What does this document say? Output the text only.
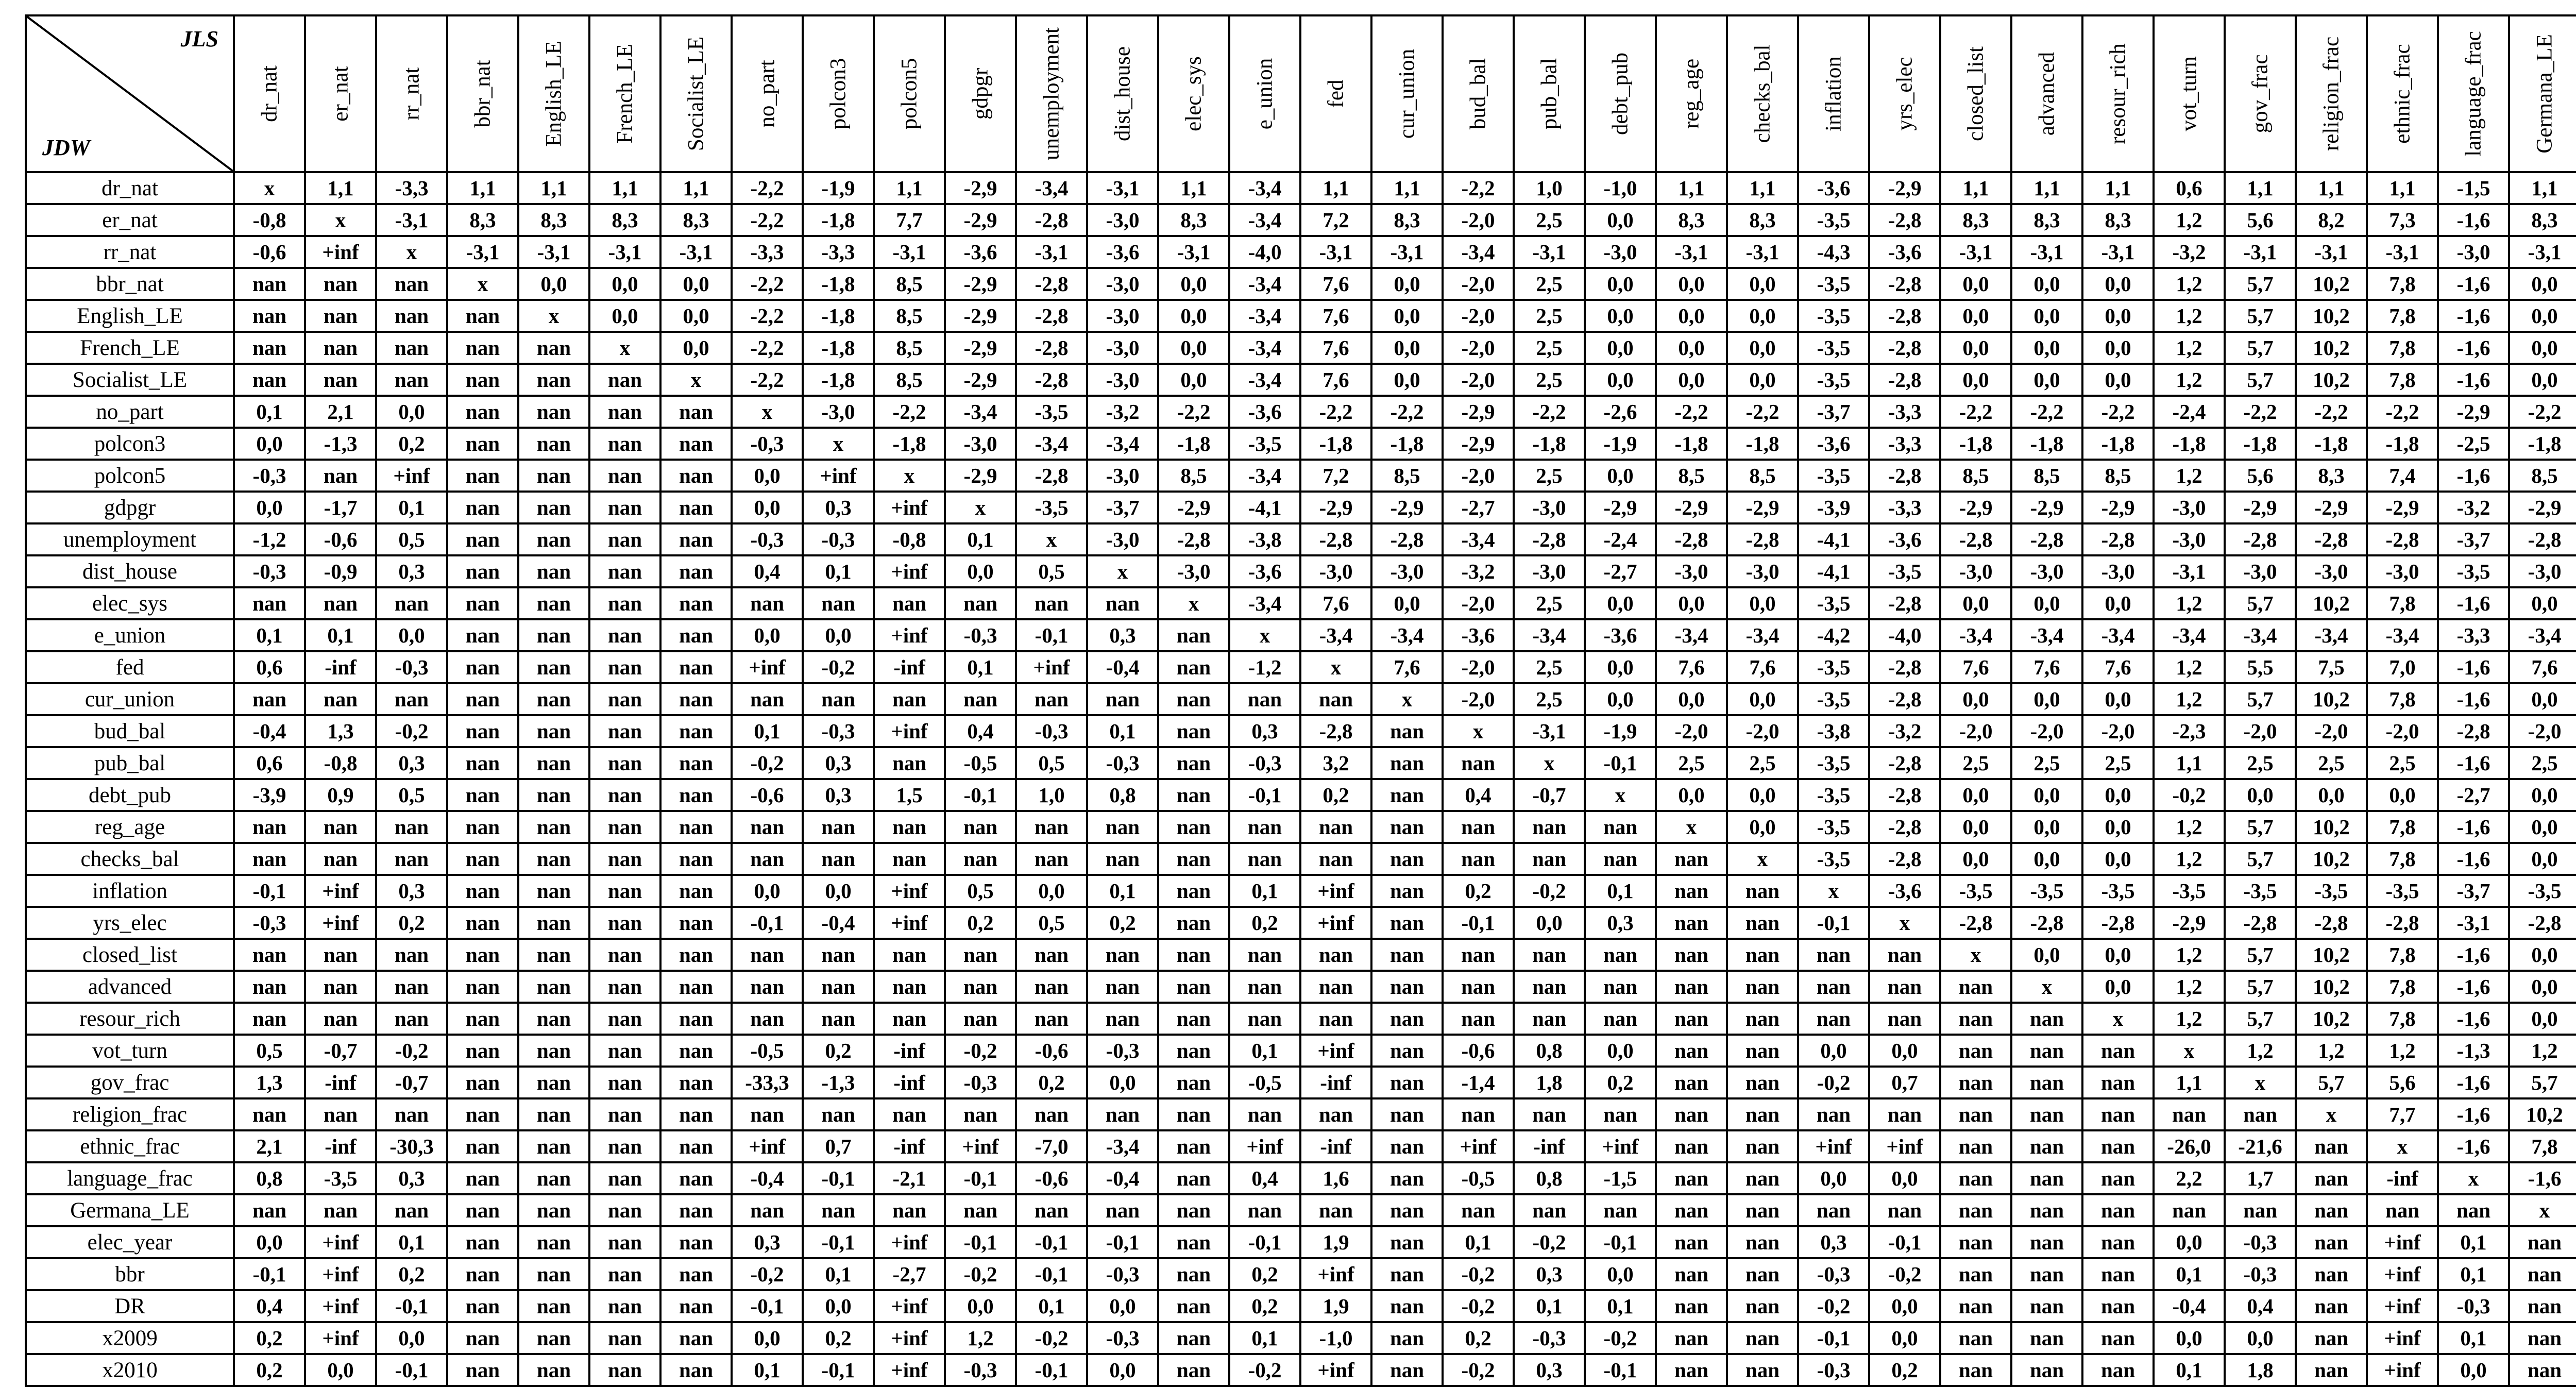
JLS
JDW	dr_nat	er_nat	rr_nat	bbr_nat	English_LE	French_LE	Socialist_LE	no_part	polcon3	polcon5	gdpgr	unemployment	dist_house	elec_sys	e_union	fed	cur_union	bud_bal	pub_bal	debt_pub	reg_age	checks_bal	inflation	yrs_elec	closed_list	advanced	resour_rich	vot_turn	gov_frac	religion_frac	ethnic_frac	language_frac	Germana_LE

dr_nat	x	1,1	-3,3	1,1	1,1	1,1	1,1	-2,2	-1,9	1,1	-2,9	-3,4	-3,1	1,1	-3,4	1,1	1,1	-2,2	1,0	-1,0	1,1	1,1	-3,6	-2,9	1,1	1,1	1,1	0,6	1,1	1,1	1,1	-1,5	1,1					
er_nat	-0,8	x	-3,1	8,3	8,3	8,3	8,3	-2,2	-1,8	7,7	-2,9	-2,8	-3,0	8,3	-3,4	7,2	8,3	-2,0	2,5	0,0	8,3	8,3	-3,5	-2,8	8,3	8,3	8,3	1,2	5,6	8,2	7,3	-1,6	8,3					
rr_nat	-0,6	+inf	x	-3,1	-3,1	-3,1	-3,1	-3,3	-3,3	-3,1	-3,6	-3,1	-3,6	-3,1	-4,0	-3,1	-3,1	-3,4	-3,1	-3,0	-3,1	-3,1	-4,3	-3,6	-3,1	-3,1	-3,1	-3,2	-3,1	-3,1	-3,1	-3,0	-3,1					
bbr_nat	nan	nan	nan	x	0,0	0,0	0,0	-2,2	-1,8	8,5	-2,9	-2,8	-3,0	0,0	-3,4	7,6	0,0	-2,0	2,5	0,0	0,0	0,0	-3,5	-2,8	0,0	0,0	0,0	1,2	5,7	10,2	7,8	-1,6	0,0					
English_LE	nan	nan	nan	nan	x	0,0	0,0	-2,2	-1,8	8,5	-2,9	-2,8	-3,0	0,0	-3,4	7,6	0,0	-2,0	2,5	0,0	0,0	0,0	-3,5	-2,8	0,0	0,0	0,0	1,2	5,7	10,2	7,8	-1,6	0,0					
French_LE	nan	nan	nan	nan	nan	x	0,0	-2,2	-1,8	8,5	-2,9	-2,8	-3,0	0,0	-3,4	7,6	0,0	-2,0	2,5	0,0	0,0	0,0	-3,5	-2,8	0,0	0,0	0,0	1,2	5,7	10,2	7,8	-1,6	0,0					
Socialist_LE	nan	nan	nan	nan	nan	nan	x	-2,2	-1,8	8,5	-2,9	-2,8	-3,0	0,0	-3,4	7,6	0,0	-2,0	2,5	0,0	0,0	0,0	-3,5	-2,8	0,0	0,0	0,0	1,2	5,7	10,2	7,8	-1,6	0,0					
no_part	0,1	2,1	0,0	nan	nan	nan	nan	x	-3,0	-2,2	-3,4	-3,5	-3,2	-2,2	-3,6	-2,2	-2,2	-2,9	-2,2	-2,6	-2,2	-2,2	-3,7	-3,3	-2,2	-2,2	-2,2	-2,4	-2,2	-2,2	-2,2	-2,9	-2,2					
polcon3	0,0	-1,3	0,2	nan	nan	nan	nan	-0,3	x	-1,8	-3,0	-3,4	-3,4	-1,8	-3,5	-1,8	-1,8	-2,9	-1,8	-1,9	-1,8	-1,8	-3,6	-3,3	-1,8	-1,8	-1,8	-1,8	-1,8	-1,8	-1,8	-2,5	-1,8					
polcon5	-0,3	nan	+inf	nan	nan	nan	nan	0,0	+inf	x	-2,9	-2,8	-3,0	8,5	-3,4	7,2	8,5	-2,0	2,5	0,0	8,5	8,5	-3,5	-2,8	8,5	8,5	8,5	1,2	5,6	8,3	7,4	-1,6	8,5					
gdpgr	0,0	-1,7	0,1	nan	nan	nan	nan	0,0	0,3	+inf	x	-3,5	-3,7	-2,9	-4,1	-2,9	-2,9	-2,7	-3,0	-2,9	-2,9	-2,9	-3,9	-3,3	-2,9	-2,9	-2,9	-3,0	-2,9	-2,9	-2,9	-3,2	-2,9					
unemployment	-1,2	-0,6	0,5	nan	nan	nan	nan	-0,3	-0,3	-0,8	0,1	x	-3,0	-2,8	-3,8	-2,8	-2,8	-3,4	-2,8	-2,4	-2,8	-2,8	-4,1	-3,6	-2,8	-2,8	-2,8	-3,0	-2,8	-2,8	-2,8	-3,7	-2,8					
dist_house	-0,3	-0,9	0,3	nan	nan	nan	nan	0,4	0,1	+inf	0,0	0,5	x	-3,0	-3,6	-3,0	-3,0	-3,2	-3,0	-2,7	-3,0	-3,0	-4,1	-3,5	-3,0	-3,0	-3,0	-3,1	-3,0	-3,0	-3,0	-3,5	-3,0					
elec_sys	nan	nan	nan	nan	nan	nan	nan	nan	nan	nan	nan	nan	nan	x	-3,4	7,6	0,0	-2,0	2,5	0,0	0,0	0,0	-3,5	-2,8	0,0	0,0	0,0	1,2	5,7	10,2	7,8	-1,6	0,0					
e_union	0,1	0,1	0,0	nan	nan	nan	nan	0,0	0,0	+inf	-0,3	-0,1	0,3	nan	x	-3,4	-3,4	-3,6	-3,4	-3,6	-3,4	-3,4	-4,2	-4,0	-3,4	-3,4	-3,4	-3,4	-3,4	-3,4	-3,4	-3,3	-3,4					
fed	0,6	-inf	-0,3	nan	nan	nan	nan	+inf	-0,2	-inf	0,1	+inf	-0,4	nan	-1,2	x	7,6	-2,0	2,5	0,0	7,6	7,6	-3,5	-2,8	7,6	7,6	7,6	1,2	5,5	7,5	7,0	-1,6	7,6					
cur_union	nan	nan	nan	nan	nan	nan	nan	nan	nan	nan	nan	nan	nan	nan	nan	nan	x	-2,0	2,5	0,0	0,0	0,0	-3,5	-2,8	0,0	0,0	0,0	1,2	5,7	10,2	7,8	-1,6	0,0					
bud_bal	-0,4	1,3	-0,2	nan	nan	nan	nan	0,1	-0,3	+inf	0,4	-0,3	0,1	nan	0,3	-2,8	nan	x	-3,1	-1,9	-2,0	-2,0	-3,8	-3,2	-2,0	-2,0	-2,0	-2,3	-2,0	-2,0	-2,0	-2,8	-2,0					
pub_bal	0,6	-0,8	0,3	nan	nan	nan	nan	-0,2	0,3	nan	-0,5	0,5	-0,3	nan	-0,3	3,2	nan	nan	x	-0,1	2,5	2,5	-3,5	-2,8	2,5	2,5	2,5	1,1	2,5	2,5	2,5	-1,6	2,5					
debt_pub	-3,9	0,9	0,5	nan	nan	nan	nan	-0,6	0,3	1,5	-0,1	1,0	0,8	nan	-0,1	0,2	nan	0,4	-0,7	x	0,0	0,0	-3,5	-2,8	0,0	0,0	0,0	-0,2	0,0	0,0	0,0	-2,7	0,0					
reg_age	nan	nan	nan	nan	nan	nan	nan	nan	nan	nan	nan	nan	nan	nan	nan	nan	nan	nan	nan	nan	x	0,0	-3,5	-2,8	0,0	0,0	0,0	1,2	5,7	10,2	7,8	-1,6	0,0					
checks_bal	nan	nan	nan	nan	nan	nan	nan	nan	nan	nan	nan	nan	nan	nan	nan	nan	nan	nan	nan	nan	nan	x	-3,5	-2,8	0,0	0,0	0,0	1,2	5,7	10,2	7,8	-1,6	0,0					
inflation	-0,1	+inf	0,3	nan	nan	nan	nan	0,0	0,0	+inf	0,5	0,0	0,1	nan	0,1	+inf	nan	0,2	-0,2	0,1	nan	nan	x	-3,6	-3,5	-3,5	-3,5	-3,5	-3,5	-3,5	-3,5	-3,7	-3,5					
yrs_elec	-0,3	+inf	0,2	nan	nan	nan	nan	-0,1	-0,4	+inf	0,2	0,5	0,2	nan	0,2	+inf	nan	-0,1	0,0	0,3	nan	nan	-0,1	x	-2,8	-2,8	-2,8	-2,9	-2,8	-2,8	-2,8	-3,1	-2,8					
closed_list	nan	nan	nan	nan	nan	nan	nan	nan	nan	nan	nan	nan	nan	nan	nan	nan	nan	nan	nan	nan	nan	nan	nan	nan	x	0,0	0,0	1,2	5,7	10,2	7,8	-1,6	0,0					
advanced	nan	nan	nan	nan	nan	nan	nan	nan	nan	nan	nan	nan	nan	nan	nan	nan	nan	nan	nan	nan	nan	nan	nan	nan	nan	x	0,0	1,2	5,7	10,2	7,8	-1,6	0,0					
resour_rich	nan	nan	nan	nan	nan	nan	nan	nan	nan	nan	nan	nan	nan	nan	nan	nan	nan	nan	nan	nan	nan	nan	nan	nan	nan	nan	x	1,2	5,7	10,2	7,8	-1,6	0,0					
vot_turn	0,5	-0,7	-0,2	nan	nan	nan	nan	-0,5	0,2	-inf	-0,2	-0,6	-0,3	nan	0,1	+inf	nan	-0,6	0,8	0,0	nan	nan	0,0	0,0	nan	nan	nan	x	1,2	1,2	1,2	-1,3	1,2					
gov_frac	1,3	-inf	-0,7	nan	nan	nan	nan	-33,3	-1,3	-inf	-0,3	0,2	0,0	nan	-0,5	-inf	nan	-1,4	1,8	0,2	nan	nan	-0,2	0,7	nan	nan	nan	1,1	x	5,7	5,6	-1,6	5,7					
religion_frac	nan	nan	nan	nan	nan	nan	nan	nan	nan	nan	nan	nan	nan	nan	nan	nan	nan	nan	nan	nan	nan	nan	nan	nan	nan	nan	nan	nan	nan	x	7,7	-1,6	10,2					
ethnic_frac	2,1	-inf	-30,3	nan	nan	nan	nan	+inf	0,7	-inf	+inf	-7,0	-3,4	nan	+inf	-inf	nan	+inf	-inf	+inf	nan	nan	+inf	+inf	nan	nan	nan	-26,0	-21,6	nan	x	-1,6	7,8					
language_frac	0,8	-3,5	0,3	nan	nan	nan	nan	-0,4	-0,1	-2,1	-0,1	-0,6	-0,4	nan	0,4	1,6	nan	-0,5	0,8	-1,5	nan	nan	0,0	0,0	nan	nan	nan	2,2	1,7	nan	-inf	x	-1,6					
Germana_LE	nan	nan	nan	nan	nan	nan	nan	nan	nan	nan	nan	nan	nan	nan	nan	nan	nan	nan	nan	nan	nan	nan	nan	nan	nan	nan	nan	nan	nan	nan	nan	nan	x					
elec_year	0,0	+inf	0,1	nan	nan	nan	nan	0,3	-0,1	+inf	-0,1	-0,1	-0,1	nan	-0,1	1,9	nan	0,1	-0,2	-0,1	nan	nan	0,3	-0,1	nan	nan	nan	0,0	-0,3	nan	+inf	0,1	nan					
bbr	-0,1	+inf	0,2	nan	nan	nan	nan	-0,2	0,1	-2,7	-0,2	-0,1	-0,3	nan	0,2	+inf	nan	-0,2	0,3	0,0	nan	nan	-0,3	-0,2	nan	nan	nan	0,1	-0,3	nan	+inf	0,1	nan					
DR	0,4	+inf	-0,1	nan	nan	nan	nan	-0,1	0,0	+inf	0,0	0,1	0,0	nan	0,2	1,9	nan	-0,2	0,1	0,1	nan	nan	-0,2	0,0	nan	nan	nan	-0,4	0,4	nan	+inf	-0,3	nan					
x2009	0,2	+inf	0,0	nan	nan	nan	nan	0,0	0,2	+inf	1,2	-0,2	-0,3	nan	0,1	-1,0	nan	0,2	-0,3	-0,2	nan	nan	-0,1	0,0	nan	nan	nan	0,0	0,0	nan	+inf	0,1	nan					
x2010	0,2	0,0	-0,1	nan	nan	nan	nan	0,1	-0,1	+inf	-0,3	-0,1	0,0	nan	-0,2	+inf	nan	-0,2	0,3	-0,1	nan	nan	-0,3	0,2	nan	nan	nan	0,1	1,8	nan	+inf	0,0	nan					
